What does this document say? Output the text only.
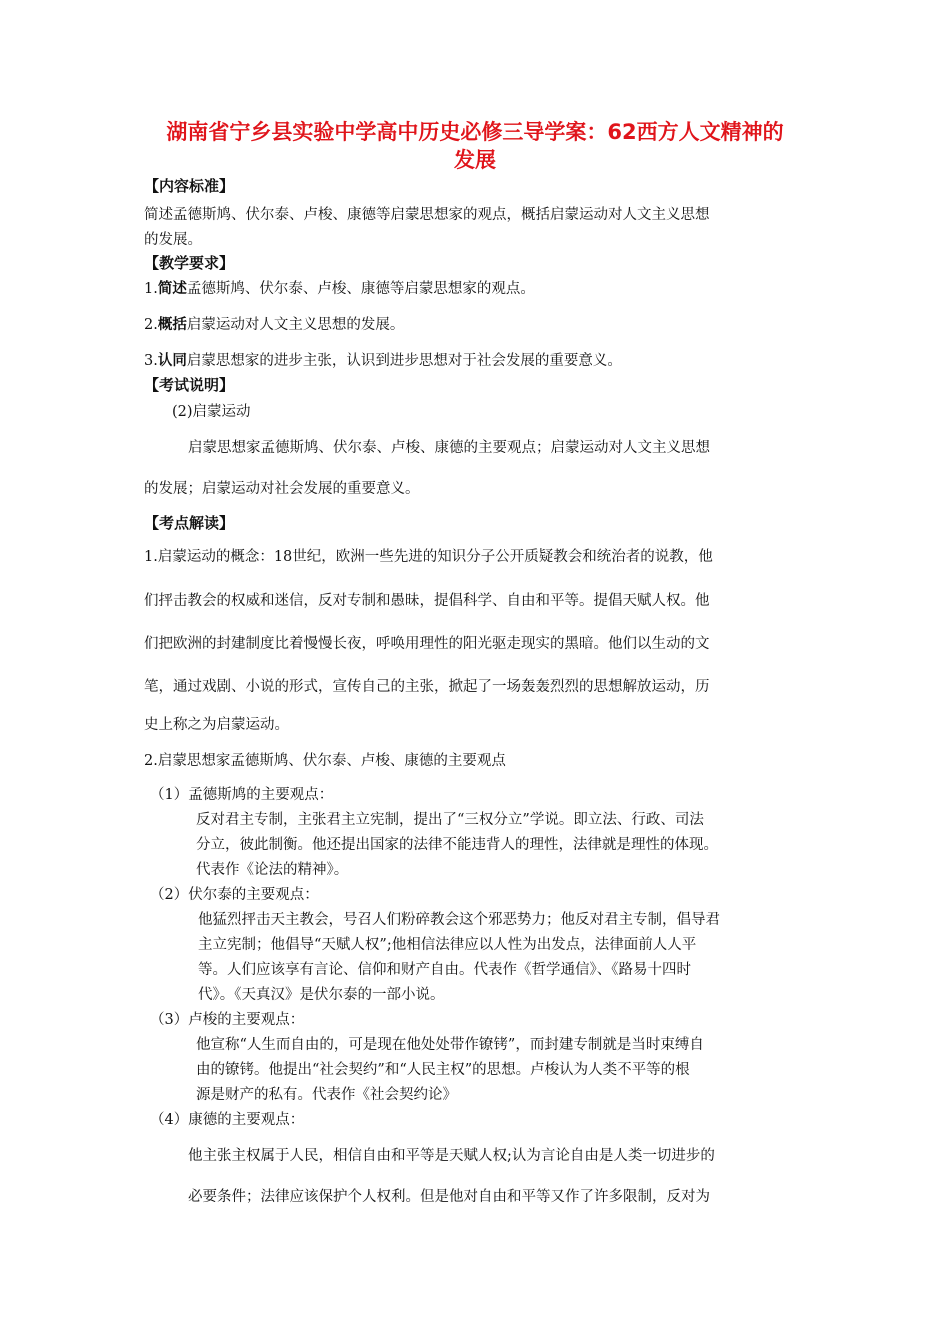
湖南省宁乡县实验中学高中历史必修三导学案：62西方人文精神的
发展
【内容标准】
简述孟德斯鸠、伏尔泰、卢梭、康德等启蒙思想家的观点，概括启蒙运动对人文主义思想
的发展。
【教学要求】
1.简述孟德斯鸠、伏尔泰、卢梭、康德等启蒙思想家的观点。
2.概括启蒙运动对人文主义思想的发展。
3.认同启蒙思想家的进步主张，认识到进步思想对于社会发展的重要意义。
【考试说明】
(2)启蒙运动
启蒙思想家孟德斯鸠、伏尔泰、卢梭、康德的主要观点；启蒙运动对人文主义思想
的发展；启蒙运动对社会发展的重要意义。
【考点解读】
1.启蒙运动的概念：18世纪，欧洲一些先进的知识分子公开质疑教会和统治者的说教，他
们抨击教会的权威和迷信，反对专制和愚昧，提倡科学、自由和平等。提倡天赋人权。他
们把欧洲的封建制度比着慢慢长夜，呼唤用理性的阳光驱走现实的黑暗。他们以生动的文
笔，通过戏剧、小说的形式，宣传自己的主张，掀起了一场轰轰烈烈的思想解放运动，历
史上称之为启蒙运动。
2.启蒙思想家孟德斯鸠、伏尔泰、卢梭、康德的主要观点
（1）孟德斯鸠的主要观点：
反对君主专制，主张君主立宪制，提出了“三权分立”学说。即立法、行政、司法
分立，彼此制衡。他还提出国家的法律不能违背人的理性，法律就是理性的体现。
代表作《论法的精神》。
（2）伏尔泰的主要观点：
他猛烈抨击天主教会，号召人们粉碎教会这个邪恶势力；他反对君主专制，倡导君
主立宪制；他倡导“天赋人权”;他相信法律应以人性为出发点，法律面前人人平
等。人们应该享有言论、信仰和财产自由。代表作《哲学通信》、《路易十四时
代》。《天真汉》是伏尔泰的一部小说。
（3）卢梭的主要观点：
他宣称“人生而自由的，可是现在他处处带作镣铐”，而封建专制就是当时束缚自
由的镣铐。他提出“社会契约”和“人民主权”的思想。卢梭认为人类不平等的根
源是财产的私有。代表作《社会契约论》
（4）康德的主要观点：
他主张主权属于人民，相信自由和平等是天赋人权;认为言论自由是人类一切进步的
必要条件；法律应该保护个人权利。但是他对自由和平等又作了许多限制，反对为
